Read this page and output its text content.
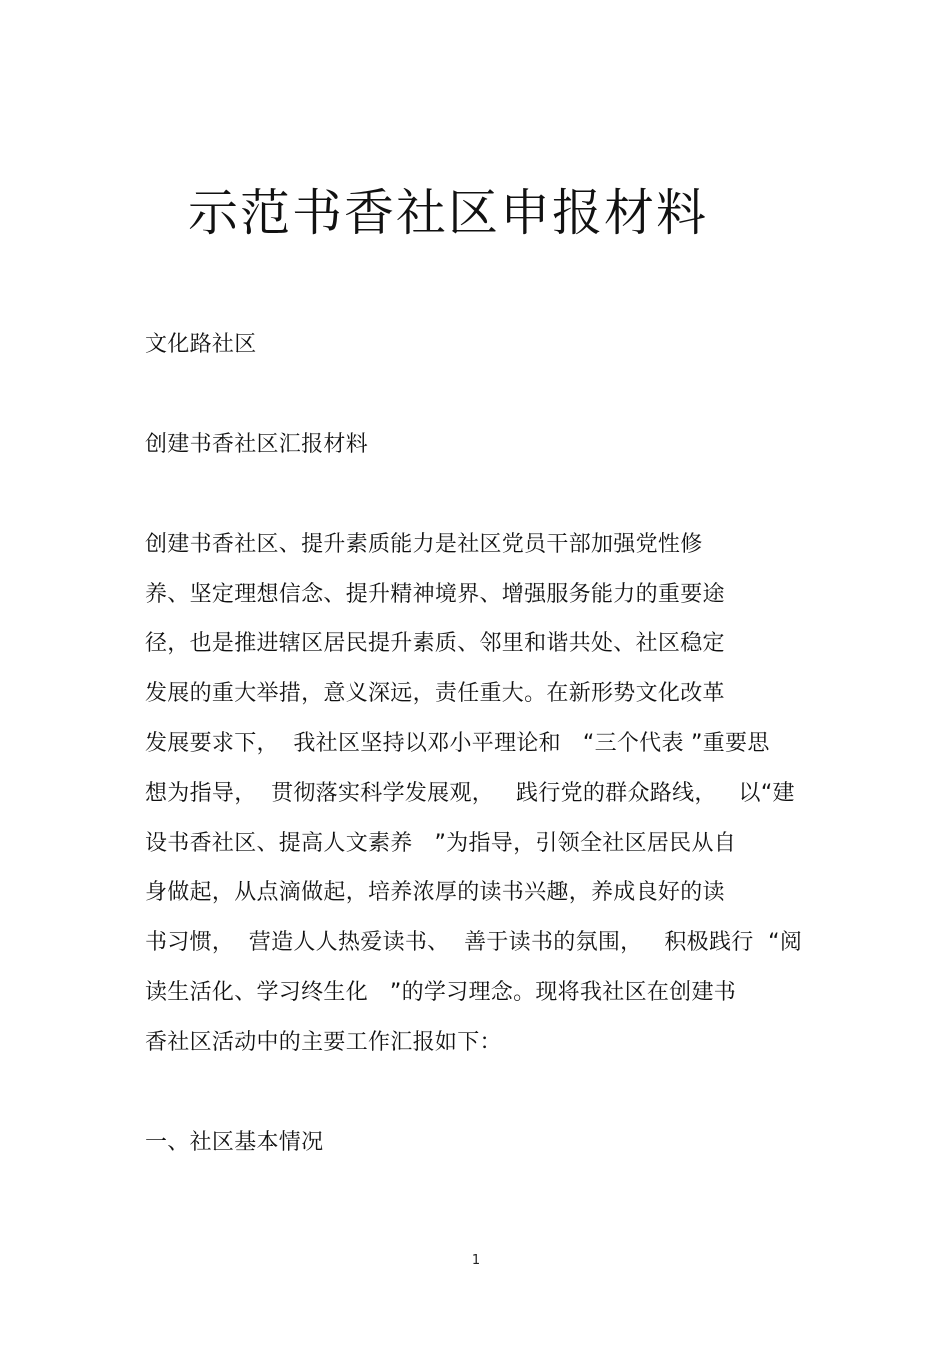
示范书香社区申报材料
文化路社区
创建书香社区汇报材料
创建书香社区、提升素质能力是社区党员干部加强党性修
养、坚定理想信念、提升精神境界、增强服务能力的重要途
径，也是推进辖区居民提升素质、邻里和谐共处、社区稳定
发展的重大举措，意义深远，责任重大。在新形势文化改革
发展要求下，  我社区坚持以邓小平理论和   “三个代表 ”重要思
想为指导，  贯彻落实科学发展观，   践行党的群众路线，   以“建
设书香社区、提高人文素养   ”为指导，引领全社区居民从自
身做起，从点滴做起，培养浓厚的读书兴趣，养成良好的读
书习惯，  营造人人热爱读书、  善于读书的氛围，   积极践行  “阅
读生活化、学习终生化   ”的学习理念。现将我社区在创建书
香社区活动中的主要工作汇报如下：
一、社区基本情况
1
